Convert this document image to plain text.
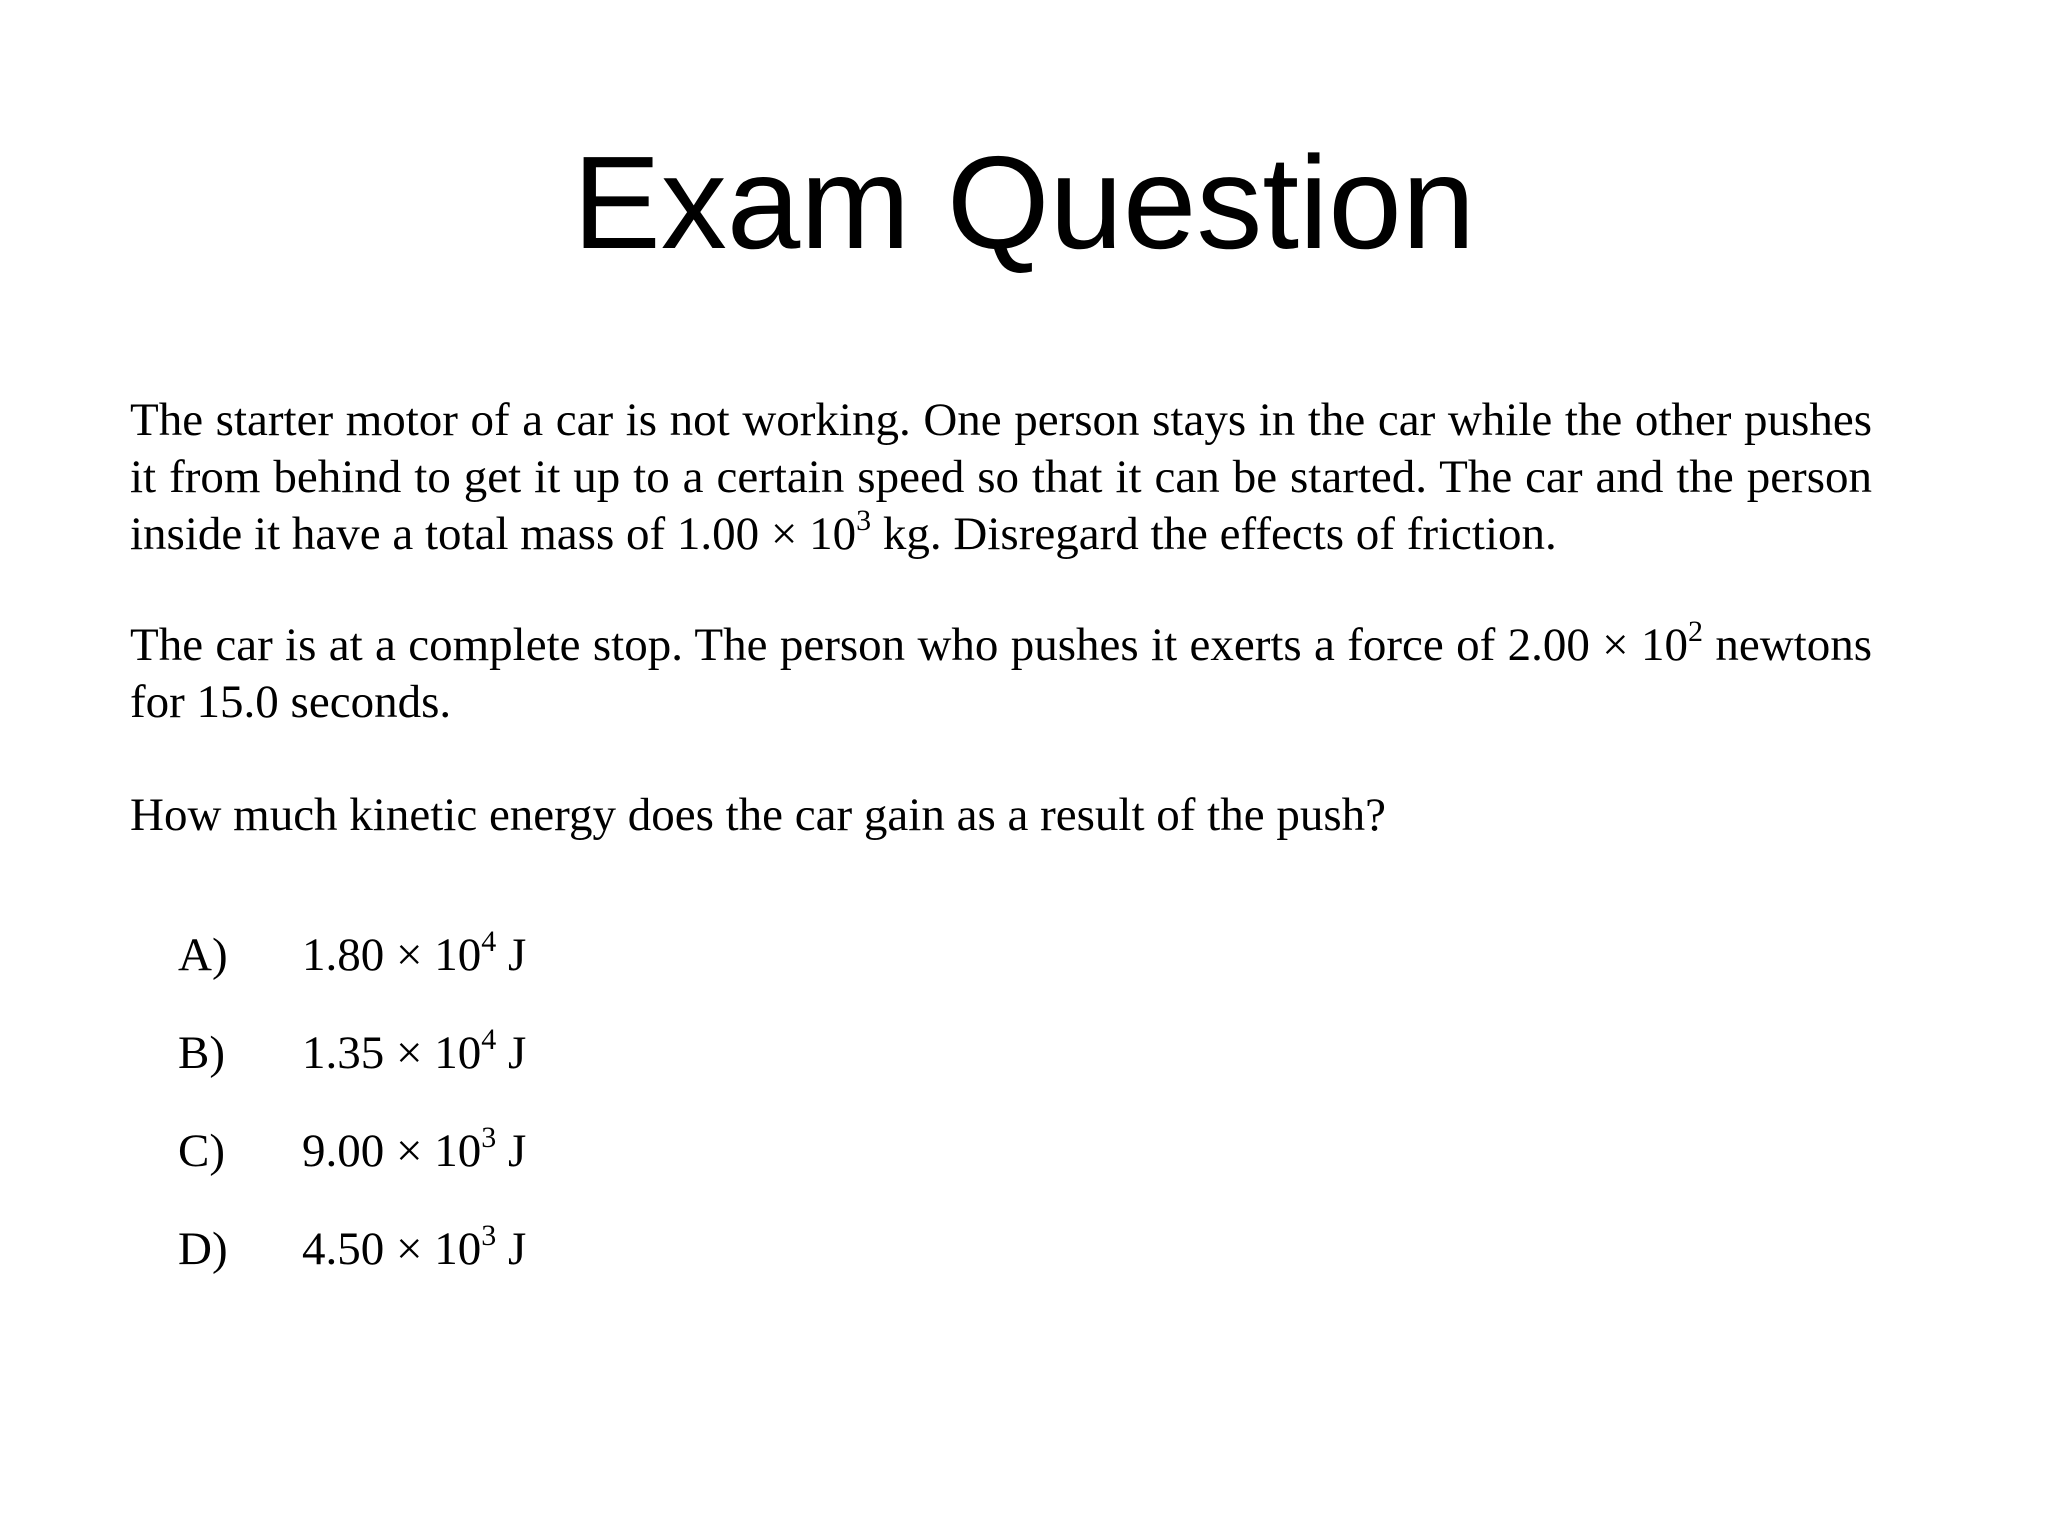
Exam Question

The starter motor of a car is not working. One person stays in the car while the other pushes it from behind to get it up to a certain speed so that it can be started. The car and the person inside it have a total mass of $1.00 \times 10^3$ kg. Disregard the effects of friction.

The car is at a complete stop. The person who pushes it exerts a force of $2.00 \times 10^2$ newtons for 15.0 seconds.

How much kinetic energy does the car gain as a result of the push?

A)	$1.80 \times 10^4$ J
B)	$1.35 \times 10^4$ J
C)	$9.00 \times 10^3$ J
D)	$4.50 \times 10^3$ J
